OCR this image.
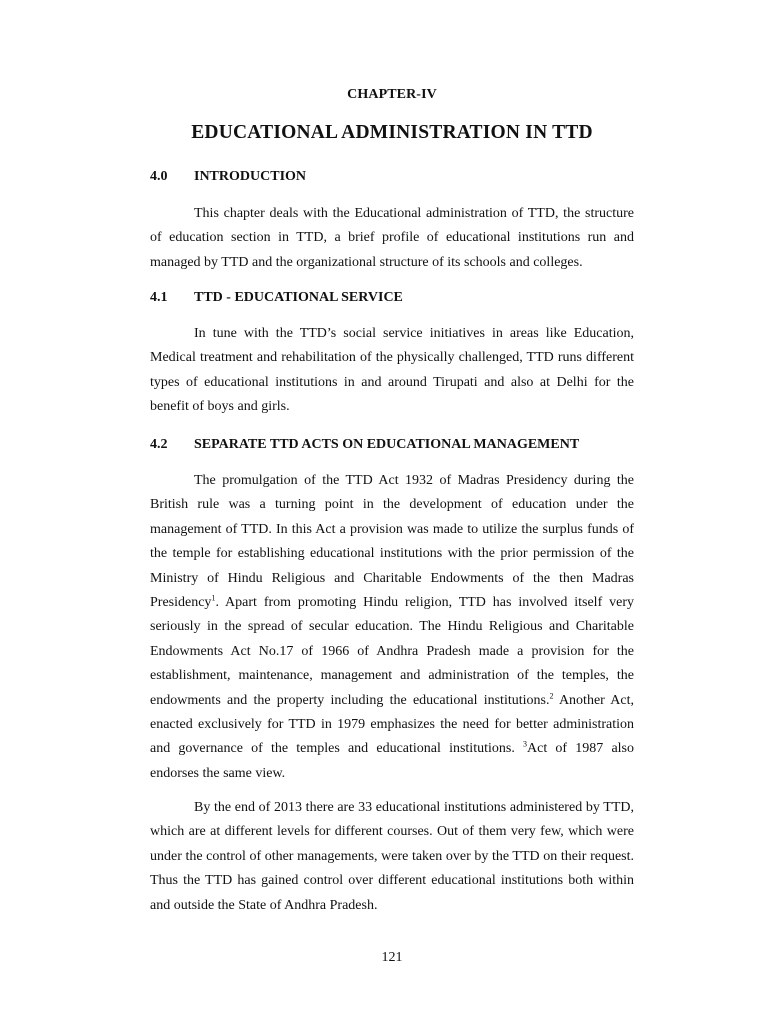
CHAPTER-IV
EDUCATIONAL ADMINISTRATION IN TTD
4.0 INTRODUCTION

This chapter deals with the Educational administration of TTD, the structure of education section in TTD, a brief profile of educational institutions run and managed by TTD and the organizational structure of its schools and colleges.

4.1 TTD - EDUCATIONAL SERVICE

In tune with the TTD’s social service initiatives in areas like Education, Medical treatment and rehabilitation of the physically challenged, TTD runs different types of educational institutions in and around Tirupati and also at Delhi for the benefit of boys and girls.

4.2 SEPARATE TTD ACTS ON EDUCATIONAL MANAGEMENT

The promulgation of the TTD Act 1932 of Madras Presidency during the British rule was a turning point in the development of education under the management of TTD. In this Act a provision was made to utilize the surplus funds of the temple for establishing educational institutions with the prior permission of the Ministry of Hindu Religious and Charitable Endowments of the then Madras Presidency$^1$. Apart from promoting Hindu religion, TTD has involved itself very seriously in the spread of secular education. The Hindu Religious and Charitable Endowments Act No.17 of 1966 of Andhra Pradesh made a provision for the establishment, maintenance, management and administration of the temples, the endowments and the property including the educational institutions.$^2$ Another Act, enacted exclusively for TTD in 1979 emphasizes the need for better administration and governance of the temples and educational institutions. $^3$Act of 1987 also endorses the same view.

By the end of 2013 there are 33 educational institutions administered by TTD, which are at different levels for different courses. Out of them very few, which were under the control of other managements, were taken over by the TTD on their request. Thus the TTD has gained control over different educational institutions both within and outside the State of Andhra Pradesh.

121
